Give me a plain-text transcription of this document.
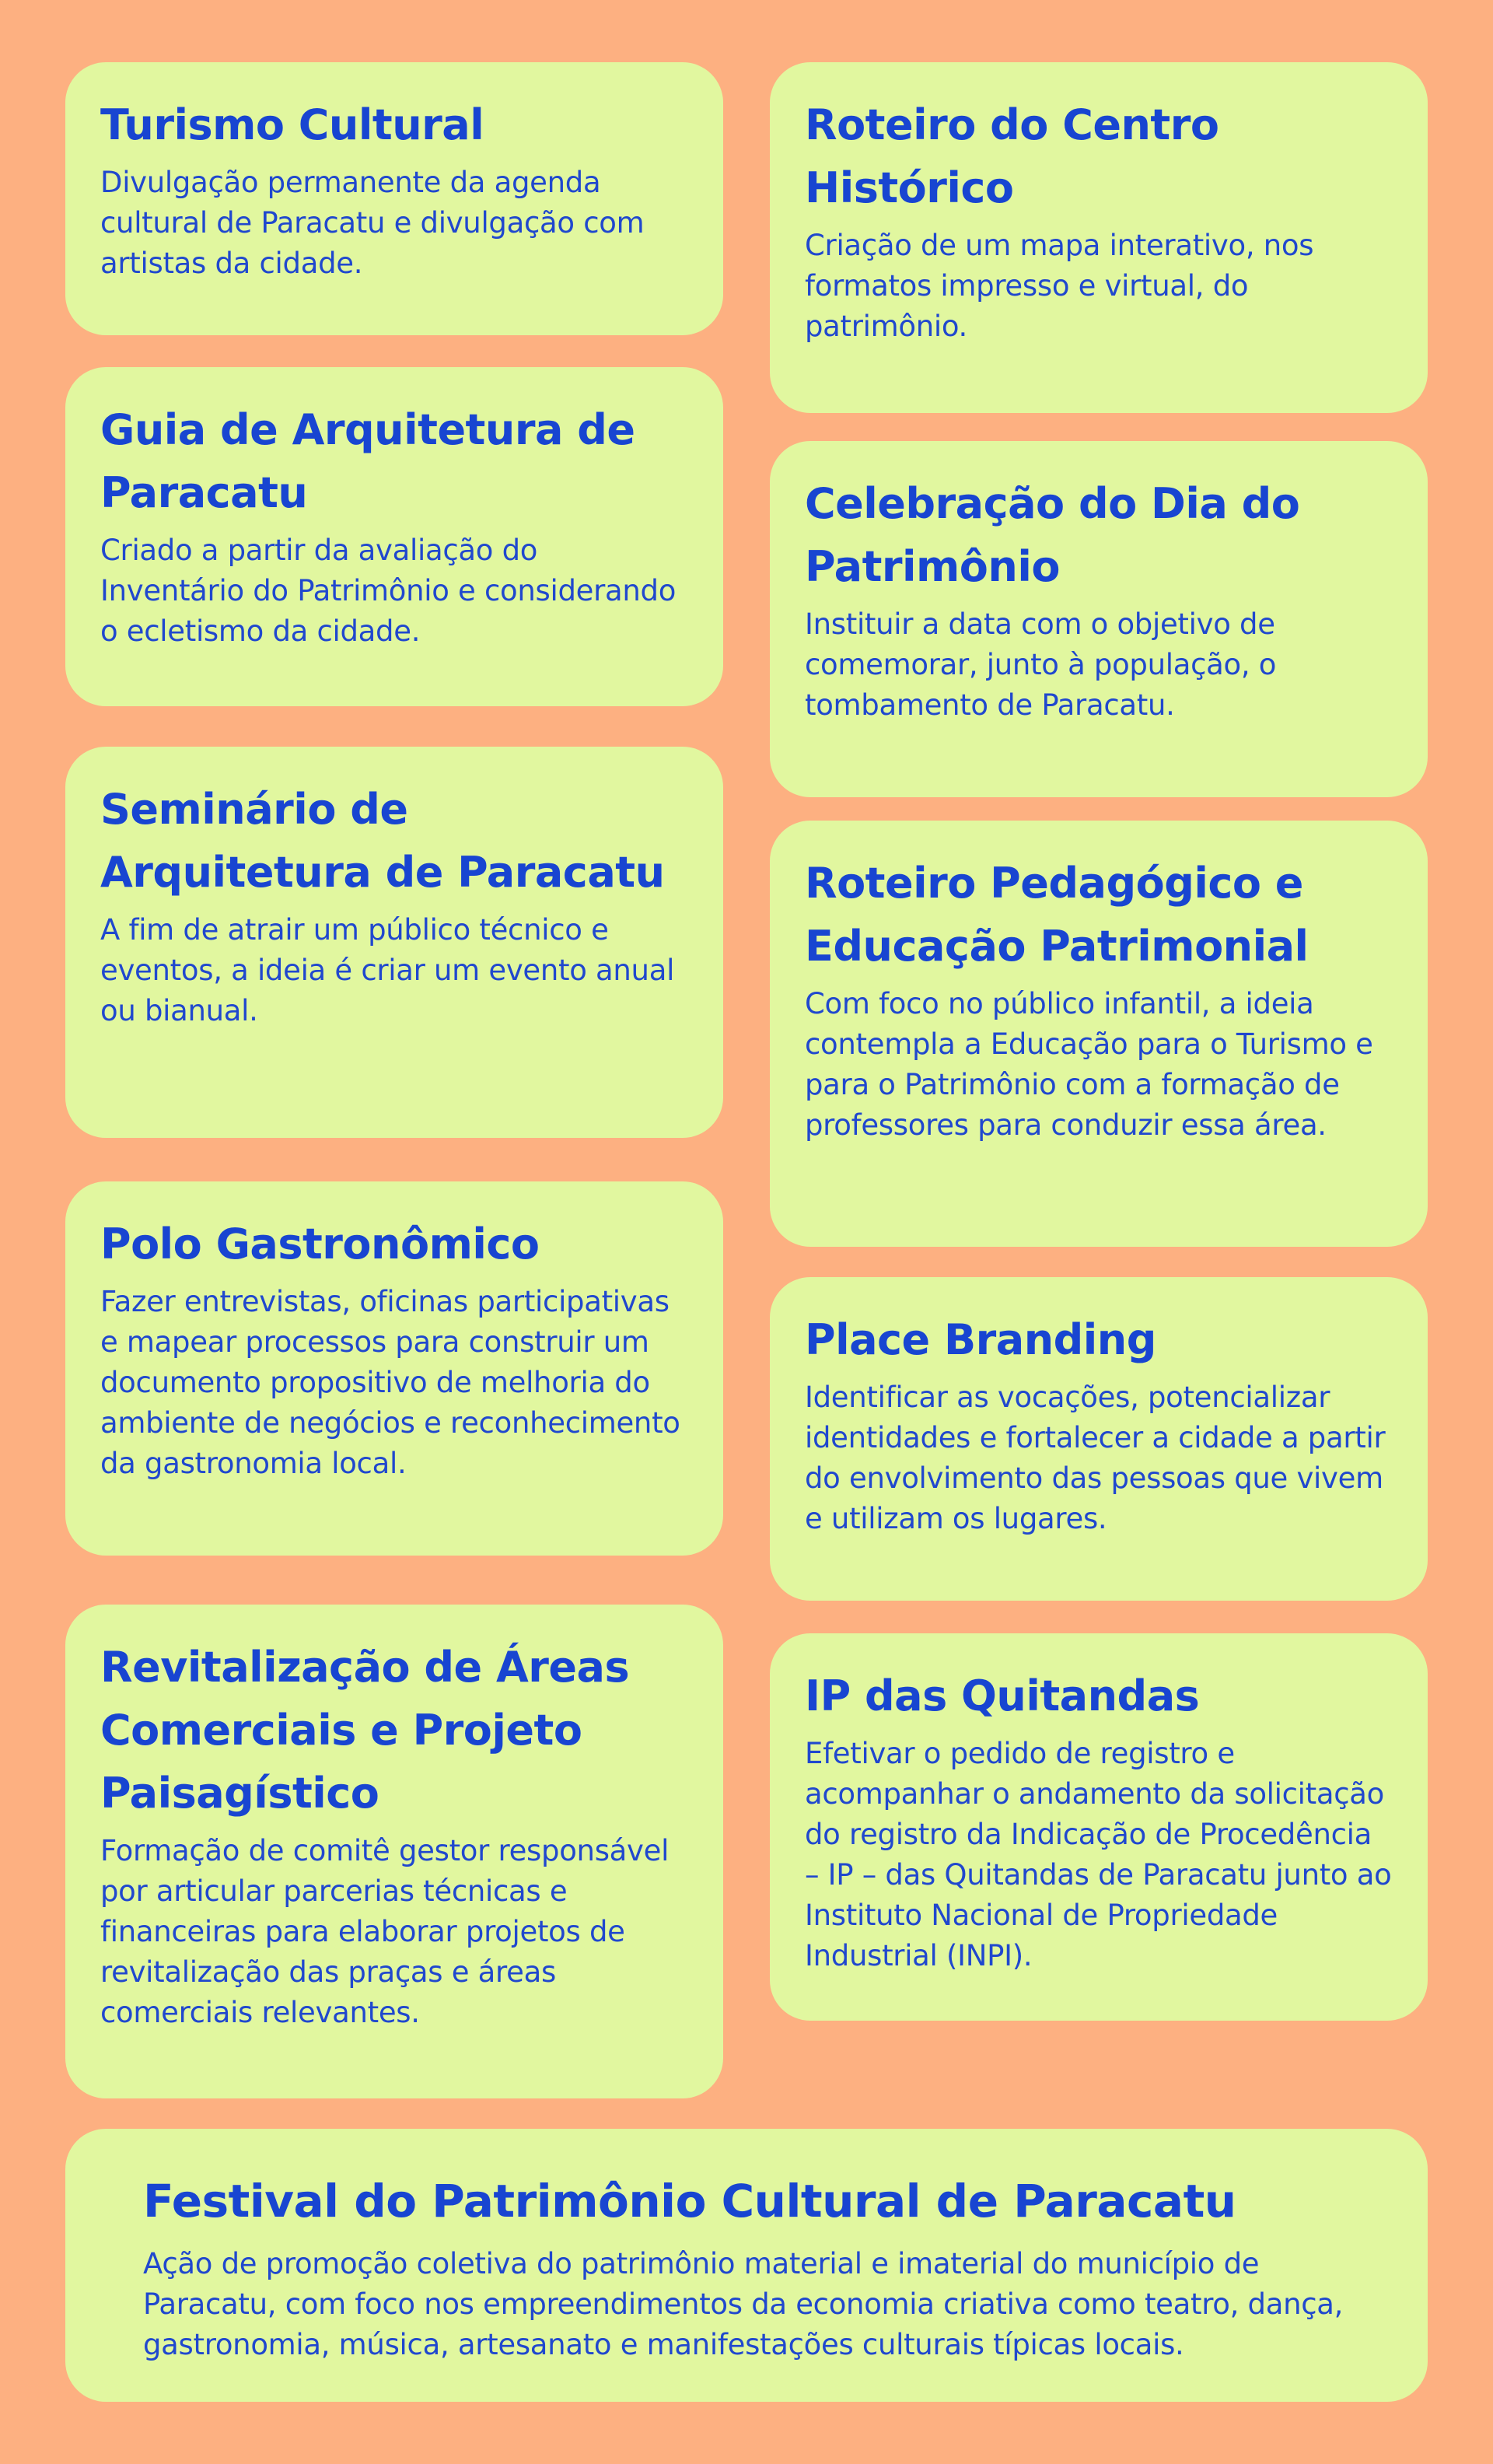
Turismo Cultural

Divulgação permanente da agenda cultural de Paracatu e divulgação com artistas da cidade.

Guia de Arquitetura de Paracatu

Criado a partir da avaliação do Inventário do Patrimônio e considerando o ecletismo da cidade.

Seminário de Arquitetura de Paracatu

A fim de atrair um público técnico e eventos, a ideia é criar um evento anual ou bianual.

Polo Gastronômico

Fazer entrevistas, oficinas participativas e mapear processos para construir um documento propositivo de melhoria do ambiente de negócios e reconhecimento da gastronomia local.

Revitalização de Áreas Comerciais e Projeto Paisagístico

Formação de comitê gestor responsável por articular parcerias técnicas e financeiras para elaborar projetos de revitalização das praças e áreas comerciais relevantes.

Roteiro do Centro Histórico

Criação de um mapa interativo, nos formatos impresso e virtual, do patrimônio.

Celebração do Dia do Patrimônio

Instituir a data com o objetivo de comemorar, junto à população, o tombamento de Paracatu.

Roteiro Pedagógico e Educação Patrimonial

Com foco no público infantil, a ideia contempla a Educação para o Turismo e para o Patrimônio com a formação de professores para conduzir essa área.

Place Branding

Identificar as vocações, potencializar identidades e fortalecer a cidade a partir do envolvimento das pessoas que vivem e utilizam os lugares.

IP das Quitandas

Efetivar o pedido de registro e acompanhar o andamento da solicitação do registro da Indicação de Procedência – IP – das Quitandas de Paracatu junto ao Instituto Nacional de Propriedade Industrial (INPI).

Festival do Patrimônio Cultural de Paracatu

Ação de promoção coletiva do patrimônio material e imaterial do município de Paracatu, com foco nos empreendimentos da economia criativa como teatro, dança, gastronomia, música, artesanato e manifestações culturais típicas locais.
